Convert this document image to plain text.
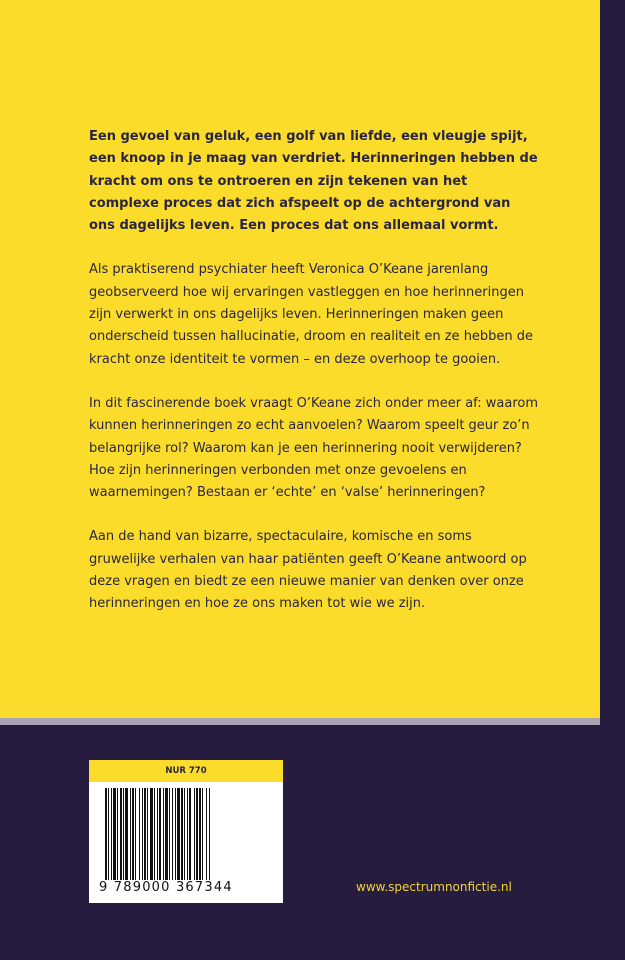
Een gevoel van geluk, een golf van liefde, een vleugje spijt, een knoop in je maag van verdriet. Herinneringen hebben de kracht om ons te ontroeren en zijn tekenen van het complexe proces dat zich afspeelt op de achtergrond van ons dagelijks leven. Een proces dat ons allemaal vormt.

Als praktiserend psychiater heeft Veronica O’Keane jarenlang geobserveerd hoe wij ervaringen vastleggen en hoe herinneringen zijn verwerkt in ons dagelijks leven. Herinneringen maken geen onderscheid tussen hallucinatie, droom en realiteit en ze hebben de kracht onze identiteit te vormen – en deze overhoop te gooien.

In dit fascinerende boek vraagt O’Keane zich onder meer af: waarom kunnen herinneringen zo echt aanvoelen? Waarom speelt geur zo’n belangrijke rol? Waarom kan je een herinnering nooit verwijderen? Hoe zijn herinneringen verbonden met onze gevoelens en waarnemingen? Bestaan er ‘echte’ en ‘valse’ herinneringen?

Aan de hand van bizarre, spectaculaire, komische en soms gruwelijke verhalen van haar patiënten geeft O’Keane antwoord op deze vragen en biedt ze een nieuwe manier van denken over onze herinneringen en hoe ze ons maken tot wie we zijn.

NUR 770
9 789000 367344	www.spectrumnonfictie.nl
